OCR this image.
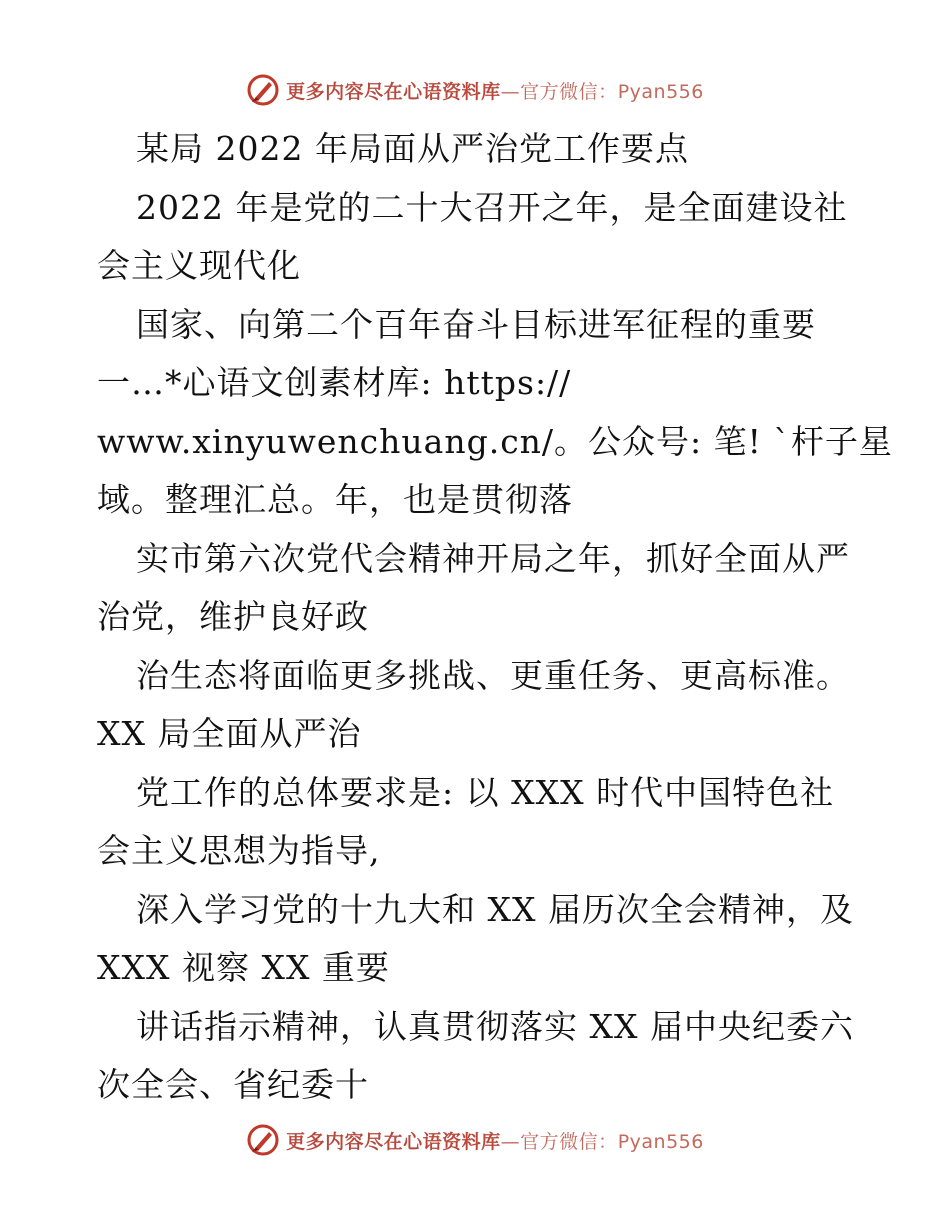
更多内容尽在心语资料库—官方微信：Pyan556
某局 2022 年局面从严治党工作要点
2022 年是党的二十大召开之年，是全面建设社
会主义现代化
国家、向第二个百年奋斗目标进军征程的重要
一…*心语文创素材库: https://
www.xinyuwenchuang.cn/。公众号: 笔! `杆子星
域。整理汇总。年，也是贯彻落
实市第六次党代会精神开局之年，抓好全面从严
治党，维护良好政
治生态将面临更多挑战、更重任务、更高标准。
XX 局全面从严治
党工作的总体要求是: 以 XXX 时代中国特色社
会主义思想为指导,
深入学习党的十九大和 XX 届历次全会精神，及
XXX 视察 XX 重要
讲话指示精神，认真贯彻落实 XX 届中央纪委六
次全会、省纪委十
更多内容尽在心语资料库—官方微信：Pyan556
